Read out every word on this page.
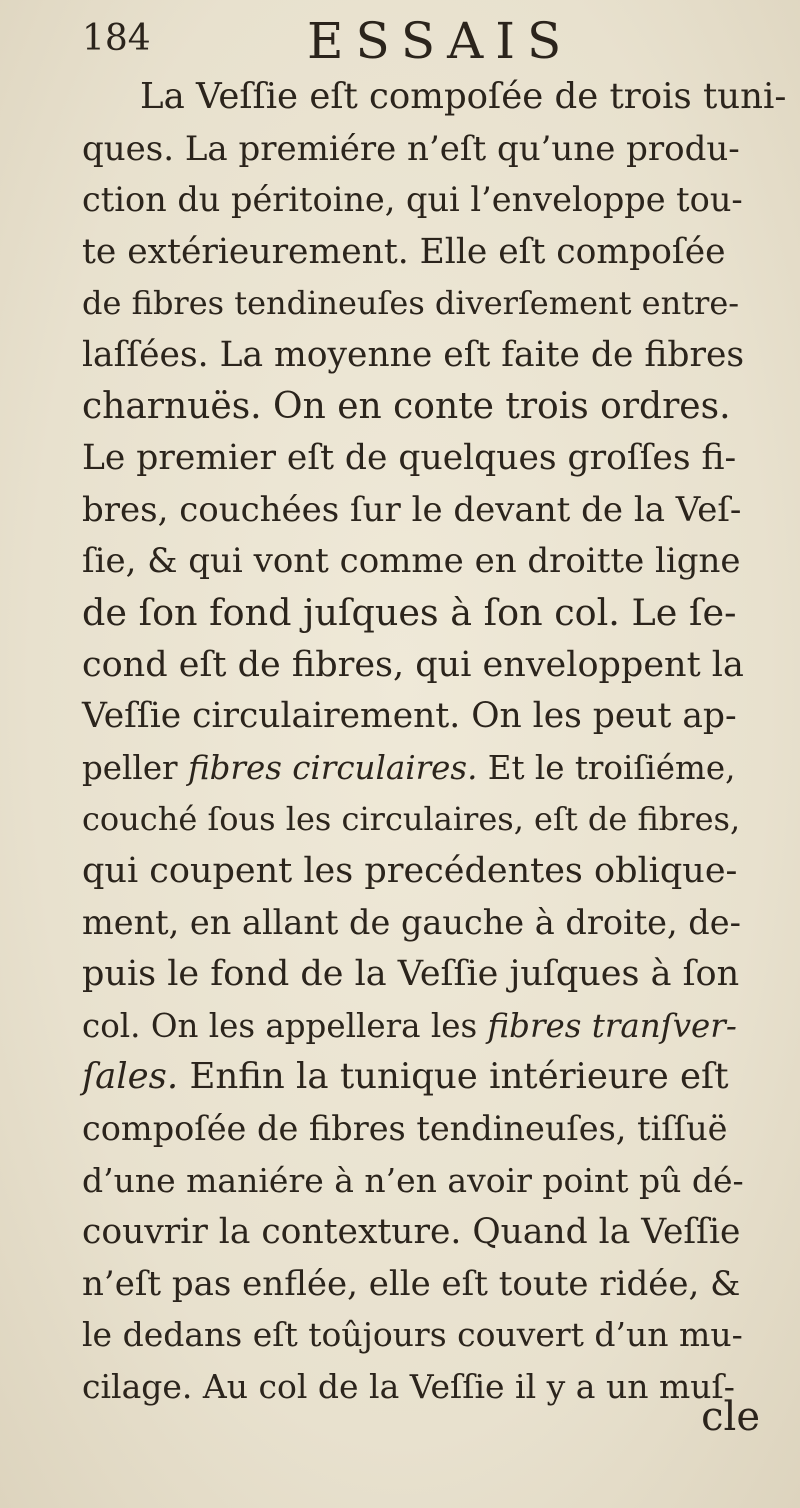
184	ESSAIS
La Veſſie eſt compoſée de trois tuni-
ques. La premiére n’eſt qu’une produ-
ction du péritoine, qui l’enveloppe tou-
te extérieurement. Elle eſt compoſée
de fibres tendineuſes diverſement entre-
laſſées. La moyenne eſt faite de fibres
charnuës. On en conte trois ordres.
Le premier eſt de quelques groſſes fi-
bres, couchées ſur le devant de la Veſ-
ſie, & qui vont comme en droitte ligne
de ſon fond juſques à ſon col. Le ſe-
cond eſt de fibres, qui enveloppent la
Veſſie circulairement. On les peut ap-
peller fibres circulaires. Et le troiſiéme,
couché ſous les circulaires, eſt de fibres,
qui coupent les precédentes oblique-
ment, en allant de gauche à droite, de-
puis le fond de la Veſſie juſques à ſon
col. On les appellera les fibres tranſver-
ſales. Enfin la tunique intérieure eſt
compoſée de fibres tendineuſes, tiſſuë
d’une maniére à n’en avoir point pû dé-
couvrir la contexture. Quand la Veſſie
n’eſt pas enflée, elle eſt toute ridée, &
le dedans eſt toûjours couvert d’un mu-
cilage. Au col de la Veſſie il y a un muſ-
cle
